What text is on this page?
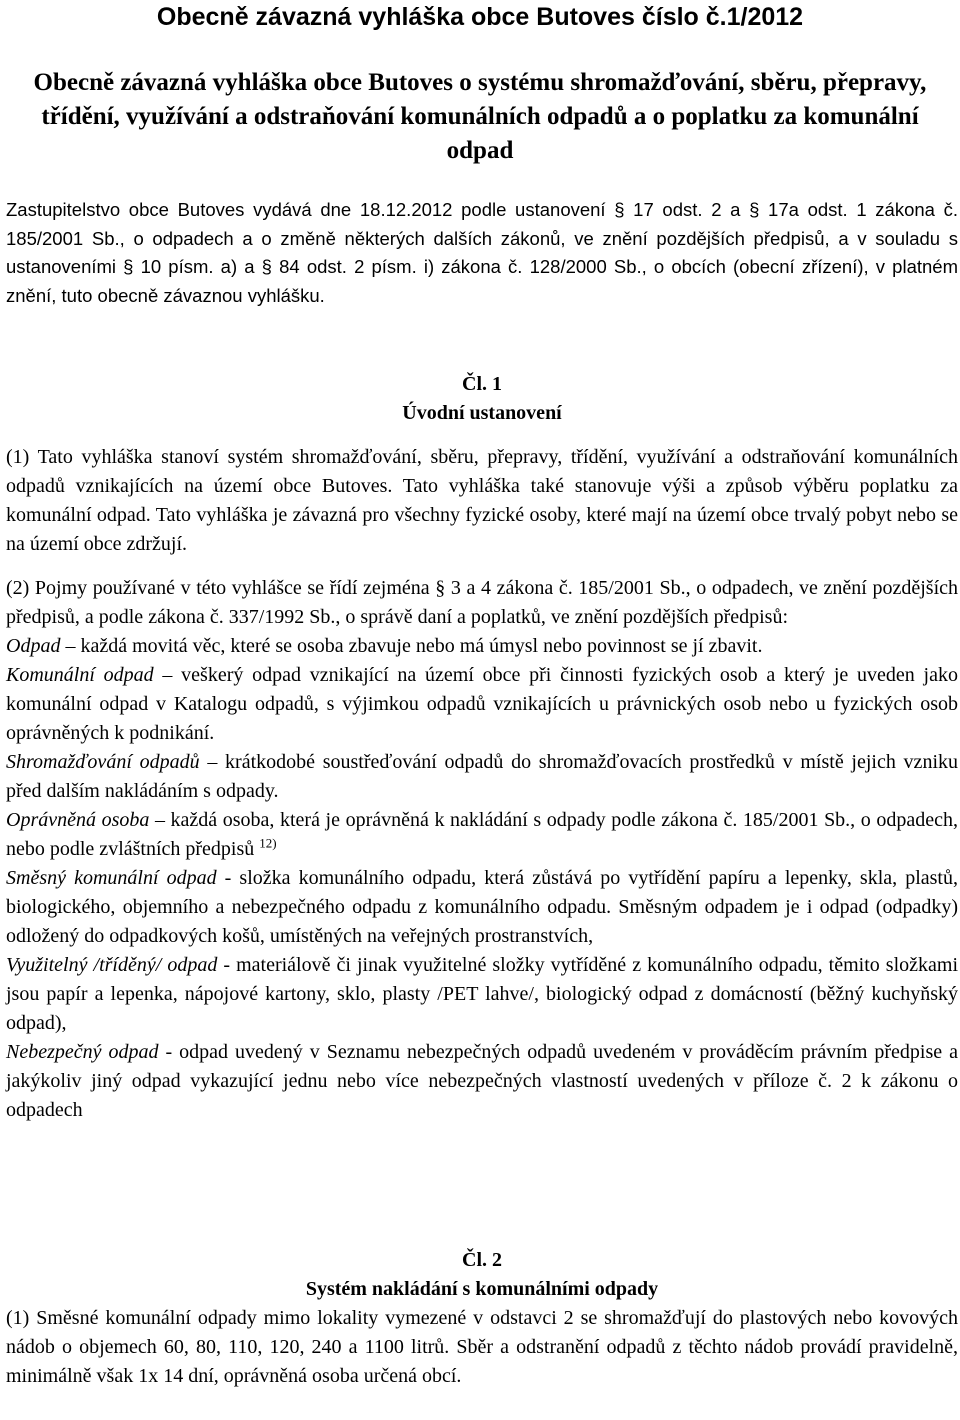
Obecně závazná vyhláška obce Butoves číslo č.1/2012
Obecně závazná vyhláška obce Butoves o systému shromažďování, sběru, přepravy, třídění, využívání a odstraňování komunálních odpadů a o poplatku za komunální odpad

Zastupitelstvo obce Butoves vydává dne 18.12.2012 podle ustanovení § 17 odst. 2 a § 17a odst. 1 zákona č. 185/2001 Sb., o odpadech a o změně některých dalších zákonů, ve znění pozdějších předpisů, a v souladu s ustanoveními § 10 písm. a) a § 84 odst. 2 písm. i) zákona č. 128/2000 Sb., o obcích (obecní zřízení), v platném znění, tuto obecně závaznou vyhlášku.

Čl. 1
Úvodní ustanovení

(1) Tato vyhláška stanoví systém shromažďování, sběru, přepravy, třídění, využívání a odstraňování komunálních odpadů vznikajících na území obce Butoves. Tato vyhláška také stanovuje výši a způsob výběru poplatku za komunální odpad. Tato vyhláška je závazná pro všechny fyzické osoby, které mají na území obce trvalý pobyt nebo se na území obce zdržují.

(2) Pojmy používané v této vyhlášce se řídí zejména § 3 a 4 zákona č. 185/2001 Sb., o odpadech, ve znění pozdějších předpisů, a podle zákona č. 337/1992 Sb., o správě daní a poplatků, ve znění pozdějších předpisů:

Odpad – každá movitá věc, které se osoba zbavuje nebo má úmysl nebo povinnost se jí zbavit.

Komunální odpad – veškerý odpad vznikající na území obce při činnosti fyzických osob a který je uveden jako komunální odpad v Katalogu odpadů, s výjimkou odpadů vznikajících u právnických osob nebo u fyzických osob oprávněných k podnikání.

Shromažďování odpadů – krátkodobé soustřeďování odpadů do shromažďovacích prostředků v místě jejich vzniku před dalším nakládáním s odpady.

Oprávněná osoba – každá osoba, která je oprávněná k nakládání s odpady podle zákona č. 185/2001 Sb., o odpadech, nebo podle zvláštních předpisů $^{12)}$

Směsný komunální odpad - složka komunálního odpadu, která zůstává po vytřídění papíru a lepenky, skla, plastů, biologického, objemního a nebezpečného odpadu z komunálního odpadu. Směsným odpadem je i odpad (odpadky) odložený do odpadkových košů, umístěných na veřejných prostranstvích,

Využitelný /tříděný/ odpad - materiálově či jinak využitelné složky vytříděné z komunálního odpadu, těmito složkami jsou papír a lepenka, nápojové kartony, sklo, plasty /PET lahve/, biologický odpad z domácností (běžný kuchyňský odpad),

Nebezpečný odpad - odpad uvedený v Seznamu nebezpečných odpadů uvedeném v prováděcím právním předpise a jakýkoliv jiný odpad vykazující jednu nebo více nebezpečných vlastností uvedených v příloze č. 2 k zákonu o odpadech

Čl. 2
Systém nakládání s komunálními odpady

(1) Směsné komunální odpady mimo lokality vymezené v odstavci 2 se shromažďují do plastových nebo kovových nádob o objemech 60, 80, 110, 120, 240 a 1100 litrů. Sběr a odstranění odpadů z těchto nádob provádí pravidelně, minimálně však 1x 14 dní, oprávněná osoba určená obcí.
